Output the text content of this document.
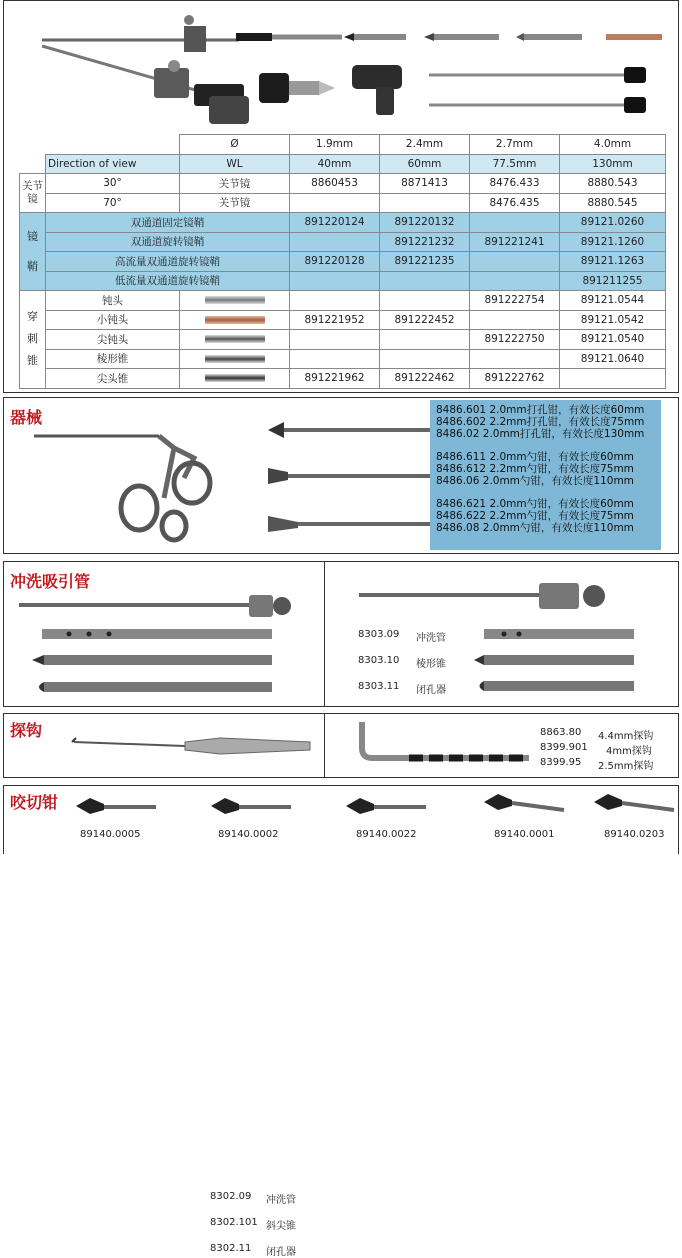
		Ø	1.9mm	2.4mm	2.7mm	4.0mm
	Direction of view	WL	40mm	60mm	77.5mm	130mm
关节镜	30°	关节镜	8860453	8871413	8476.433	8880.543
	70°	关节镜			8476.435	8880.545
镜鞘	双通道固定镜鞘		891220124	891220132		89121.0260
	双通道旋转镜鞘			891221232	891221241	89121.1260
	高流量双通道旋转镜鞘		891220128	891221235		89121.1263
	低流量双通道旋转镜鞘					891211255
穿刺锥	钝头				891222754	89121.0544
	小钝头		891221952	891222452		89121.0542
	尖钝头				891222750	89121.0540
	棱形锥					89121.0640
	尖头锥		891221962	891222462	891222762	
器械	8486.601 2.0mm打孔钳，有效长度60mm
8486.602 2.2mm打孔钳，有效长度75mm
8486.02 2.0mm打孔钳，有效长度130mm
8486.611 2.0mm勺钳，有效长度60mm
8486.612 2.2mm勺钳，有效长度75mm
8486.06 2.0mm勺钳，有效长度110mm
8486.621 2.0mm勺钳，有效长度60mm
8486.622 2.2mm勺钳，有效长度75mm
8486.08 2.0mm勺钳，有效长度110mm
冲洗吸引管
8302.09 冲洗管
8302.101 斜尖锥
8302.11 闭孔器
8303.09 冲洗管
8303.10 棱形锥
8303.11 闭孔器
探钩	8863.80 4.4mm探钩
8399.901 4mm探钩
8399.95 2.5mm探钩
咬切钳
89140.0005	89140.0002	89140.0022	89140.0001	89140.0203
